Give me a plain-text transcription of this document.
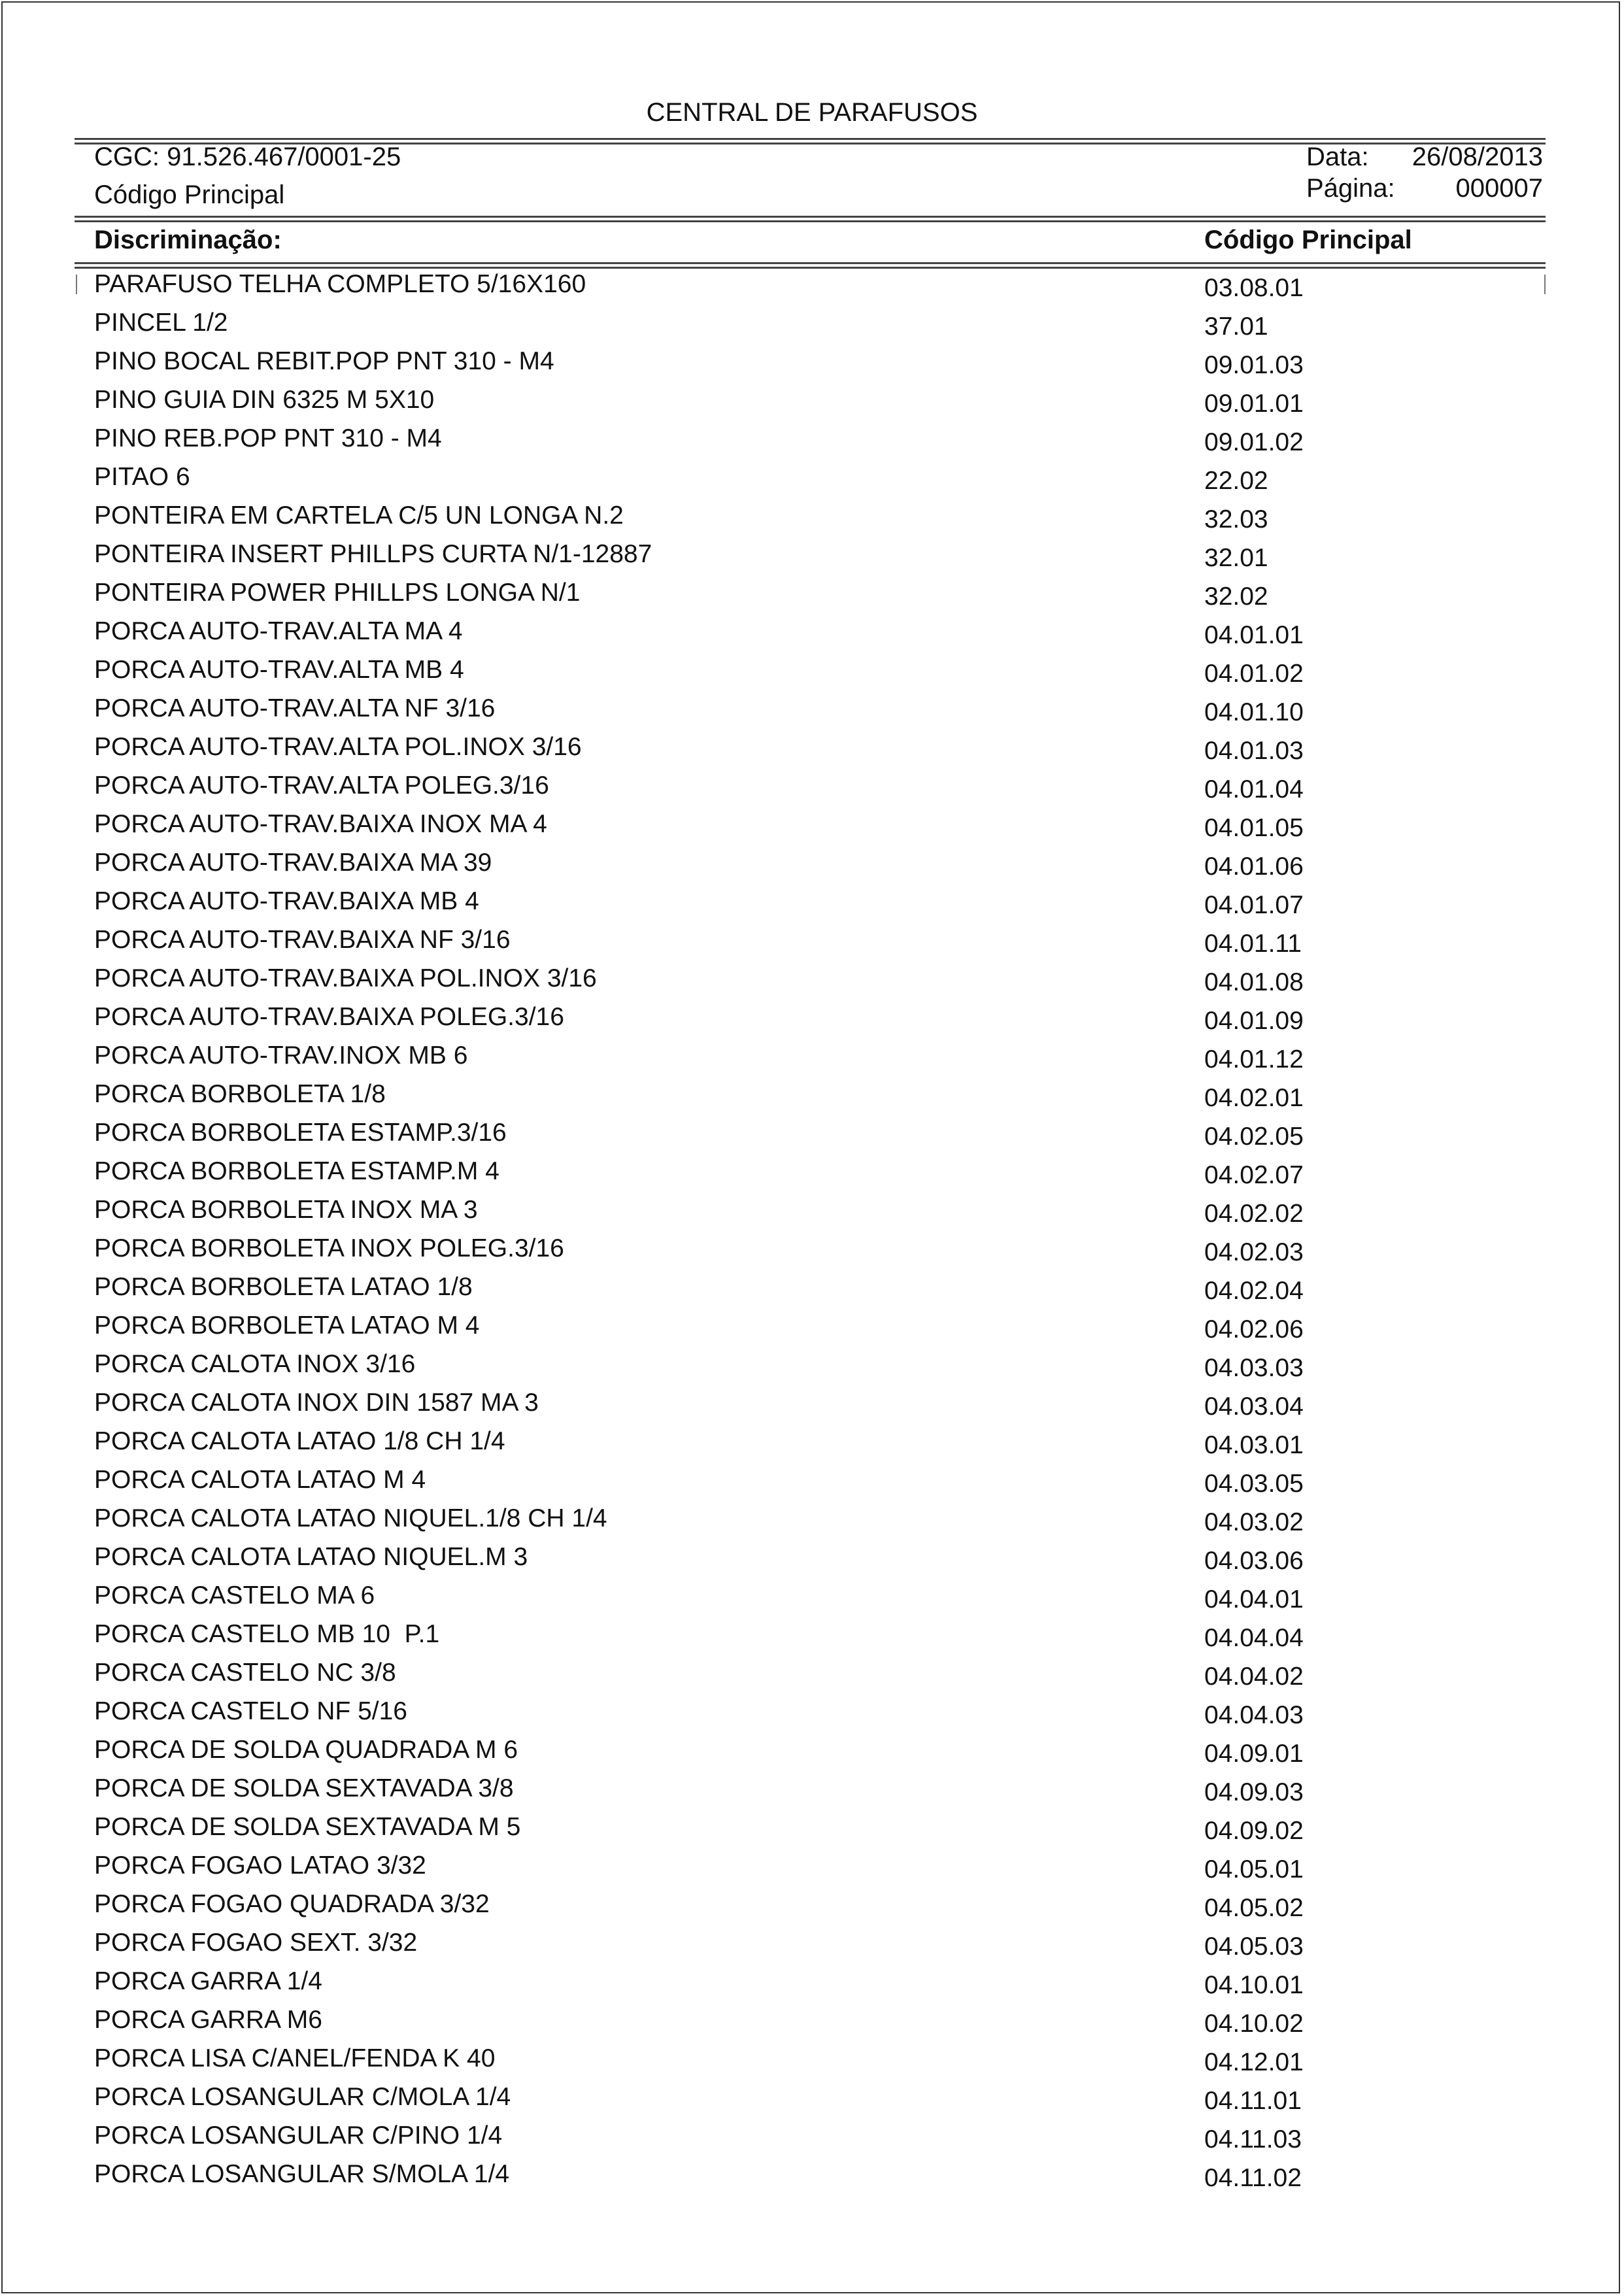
CENTRAL DE PARAFUSOS
CGC: 91.526.467/0001-25
Código Principal
Data: 26/08/2013
Página: 000007
Discriminação:	Código Principal
PARAFUSO TELHA COMPLETO 5/16X160	03.08.01
PINCEL 1/2	37.01
PINO BOCAL REBIT.POP PNT 310 - M4	09.01.03
PINO GUIA DIN 6325 M 5X10	09.01.01
PINO REB.POP PNT 310 - M4	09.01.02
PITAO 6	22.02
PONTEIRA EM CARTELA C/5 UN LONGA N.2	32.03
PONTEIRA INSERT PHILLPS CURTA N/1-12887	32.01
PONTEIRA POWER PHILLPS LONGA N/1	32.02
PORCA AUTO-TRAV.ALTA MA 4	04.01.01
PORCA AUTO-TRAV.ALTA MB 4	04.01.02
PORCA AUTO-TRAV.ALTA NF 3/16	04.01.10
PORCA AUTO-TRAV.ALTA POL.INOX 3/16	04.01.03
PORCA AUTO-TRAV.ALTA POLEG.3/16	04.01.04
PORCA AUTO-TRAV.BAIXA INOX MA 4	04.01.05
PORCA AUTO-TRAV.BAIXA MA 39	04.01.06
PORCA AUTO-TRAV.BAIXA MB 4	04.01.07
PORCA AUTO-TRAV.BAIXA NF 3/16	04.01.11
PORCA AUTO-TRAV.BAIXA POL.INOX 3/16	04.01.08
PORCA AUTO-TRAV.BAIXA POLEG.3/16	04.01.09
PORCA AUTO-TRAV.INOX MB 6	04.01.12
PORCA BORBOLETA 1/8	04.02.01
PORCA BORBOLETA ESTAMP.3/16	04.02.05
PORCA BORBOLETA ESTAMP.M 4	04.02.07
PORCA BORBOLETA INOX MA 3	04.02.02
PORCA BORBOLETA INOX POLEG.3/16	04.02.03
PORCA BORBOLETA LATAO 1/8	04.02.04
PORCA BORBOLETA LATAO M 4	04.02.06
PORCA CALOTA INOX 3/16	04.03.03
PORCA CALOTA INOX DIN 1587 MA 3	04.03.04
PORCA CALOTA LATAO 1/8 CH 1/4	04.03.01
PORCA CALOTA LATAO M 4	04.03.05
PORCA CALOTA LATAO NIQUEL.1/8 CH 1/4	04.03.02
PORCA CALOTA LATAO NIQUEL.M 3	04.03.06
PORCA CASTELO MA 6	04.04.01
PORCA CASTELO MB 10  P.1	04.04.04
PORCA CASTELO NC 3/8	04.04.02
PORCA CASTELO NF 5/16	04.04.03
PORCA DE SOLDA QUADRADA M 6	04.09.01
PORCA DE SOLDA SEXTAVADA 3/8	04.09.03
PORCA DE SOLDA SEXTAVADA M 5	04.09.02
PORCA FOGAO LATAO 3/32	04.05.01
PORCA FOGAO QUADRADA 3/32	04.05.02
PORCA FOGAO SEXT. 3/32	04.05.03
PORCA GARRA 1/4	04.10.01
PORCA GARRA M6	04.10.02
PORCA LISA C/ANEL/FENDA K 40	04.12.01
PORCA LOSANGULAR C/MOLA 1/4	04.11.01
PORCA LOSANGULAR C/PINO 1/4	04.11.03
PORCA LOSANGULAR S/MOLA 1/4	04.11.02
